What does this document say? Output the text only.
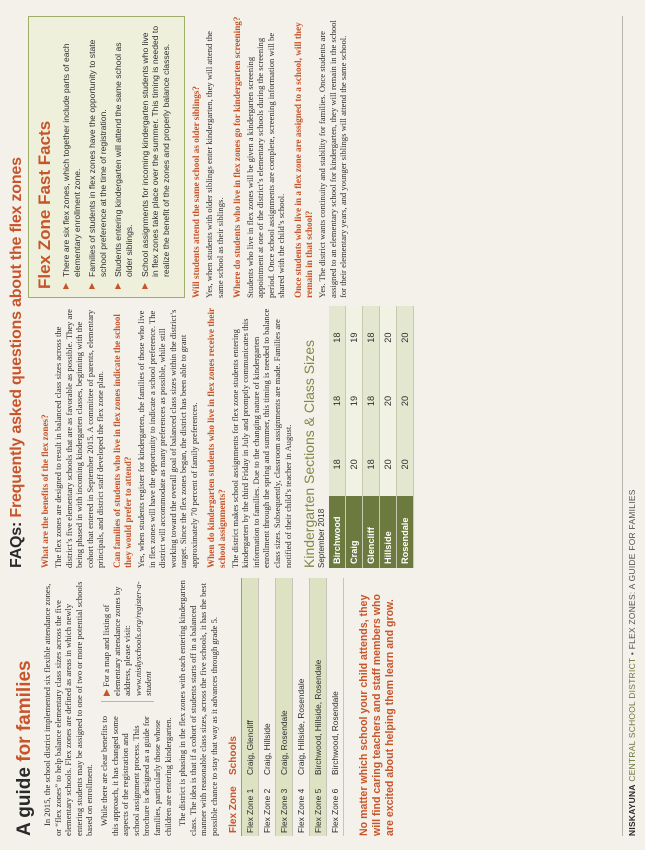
FAQs: Frequently asked questions about the flex zones
A guide for families In 2015, the school district implemented six flexible attendance zones, or “flex zones” to help balance elementary class sizes across the five elementary schools. Flex zones are defined as areas in which newly entering students may be assigned to one of two or more potential schools based on enrollment.

▶ For a map and listing of elementary attendance zones by address, please visit: www.niskyschools.org/register-a-student

While there are clear benefits to this approach, it has changed some aspects of the registration and school assignment process. This brochure is designed as a guide for families, particularly those whose children are entering kindergarten. The district is phasing in the flex zones with each entering kindergarten class. The idea is that if a cohort of students starts off in a balanced manner with reasonable class sizes, across the five schools, it has the best possible chance to stay that way as it advances through grade 5. Flex Zone	Schools
Flex Zone 1	Craig, Glencliff
Flex Zone 2	Craig, Hillside
Flex Zone 3	Craig, Rosendale
Flex Zone 4	Craig, Hillside, Rosendale
Flex Zone 5	Birchwood, Hillside, Rosendale
Flex Zone 6	Birchwood, Rosendale No matter which school your child attends, they will find caring teachers and staff members who are excited about helping them learn and grow.
What are the benefits of the flex zones? The flex zones are designed to result in balanced class sizes across the district’s five elementary schools that are as favorable as possible. They are being phased in with incoming kindergarten classes, beginning with the cohort that entered in September 2015. A committee of parents, elementary principals, and district staff developed the flex zone plan. Can families of students who live in flex zones indicate the school they would prefer to attend? Yes, when students register for kindergarten, the families of those who live in flex zones will have the opportunity to indicate a school preference. The district will accommodate as many preferences as possible, while still working toward the overall goal of balanced class sizes within the district’s target. Since the flex zones began, the district has been able to grant approximately 70 percent of family preferences. When do kindergarten students who live in flex zones receive their school assignments? The district makes school assignments for flex zone students entering kindergarten by the third Friday in July and promptly communicates this information to families. Due to the changing nature of kindergarten enrollment through the spring and summer, this timing is needed to balance class sizes. Subsequently, classroom assignments are made. Families are notified of their child’s teacher in August. Kindergarten Sections & Class Sizes September 2018 Birchwood	18	18	18
Craig	20	19	19
Glencliff	18	18	18
Hillside	20	20	20
Rosendale	20	20	20
Flex Zone Fast Facts ▶
There are six flex zones, which together include parts of each elementary enrollment zone.
▶
Families of students in flex zones have the opportunity to state school preference at the time of registration.
▶
Students entering kindergarten will attend the same school as older siblings.
▶
School assignments for incoming kindergarten students who live in flex zones take place over the summer. This timing is needed to realize the benefit of the zones and properly balance classes. Will students attend the same school as older siblings? Yes, when students with older siblings enter kindergarten, they will attend the same school as their siblings. Where do students who live in flex zones go for kindergarten screening? Students who live in flex zones will be given a kindergarten screening appointment at one of the district’s elementary schools during the screening period. Once school assignments are complete, screening information will be shared with the child’s school. Once students who live in a flex zone are assigned to a school, will they remain in that school? Yes. The district wants continuity and stability for families. Once students are assigned to an elementary school for kindergarten, they will remain in the school for their elementary years, and younger siblings will attend the same school.

NISKAYUNA CENTRAL SCHOOL DISTRICT • FLEX ZONES: A GUIDE FOR FAMILIES
